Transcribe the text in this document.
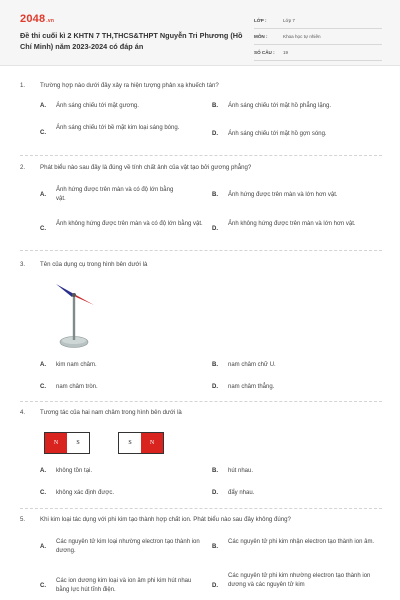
2048.vn
Đề thi cuối kì 2 KHTN 7 TH,THCS&THPT Nguyễn Tri Phương (Hồ Chí Minh) năm 2023-2024 có đáp án
LỚP :	Lớp 7
MÔN :	Khoa học tự nhiên
SỐ CÂU :	19
1. Trường hợp nào dưới đây xảy ra hiện tượng phản xạ khuếch tán?
A. Ánh sáng chiếu tới mặt gương.	B. Ánh sáng chiếu tới mặt hồ phẳng lặng.
C.
Ánh sáng chiếu tới bề mặt kim loại sáng bóng.
D. Ánh sáng chiếu tới mặt hồ gợn sóng.
2. Phát biểu nào sau đây là đúng về tính chất ảnh của vật tạo bởi gương phẳng?
A.
Ảnh hứng được trên màn và có độ lớn bằng vật.
B. Ảnh hứng được trên màn và lớn hơn vật.
C.
Ảnh không hứng được trên màn và có độ lớn bằng vật.
D.
Ảnh không hứng được trên màn và lớn hơn vật.
3. Tên của dụng cụ trong hình bên dưới là
A. kim nam châm.	B. nam châm chữ U.
C. nam châm tròn.	D. nam châm thẳng.
4. Tương tác của hai nam châm trong hình bên dưới là
N	S	S	N
A. không tồn tại.	B. hút nhau.
C. không xác định được.	D. đẩy nhau.
5. Khi kim loại tác dụng với phi kim tạo thành hợp chất ion. Phát biểu nào sau đây không đúng?
A.
Các nguyên tử kim loại nhường electron tạo thành ion dương.
B.
Các nguyên tử phi kim nhận electron tạo thành ion âm.
C.
Các ion dương kim loại và ion âm phi kim hút nhau bằng lực hút tĩnh điện.
D.
Các nguyên tử phi kim nhường electron tạo thành ion dương và các nguyên tử kim
